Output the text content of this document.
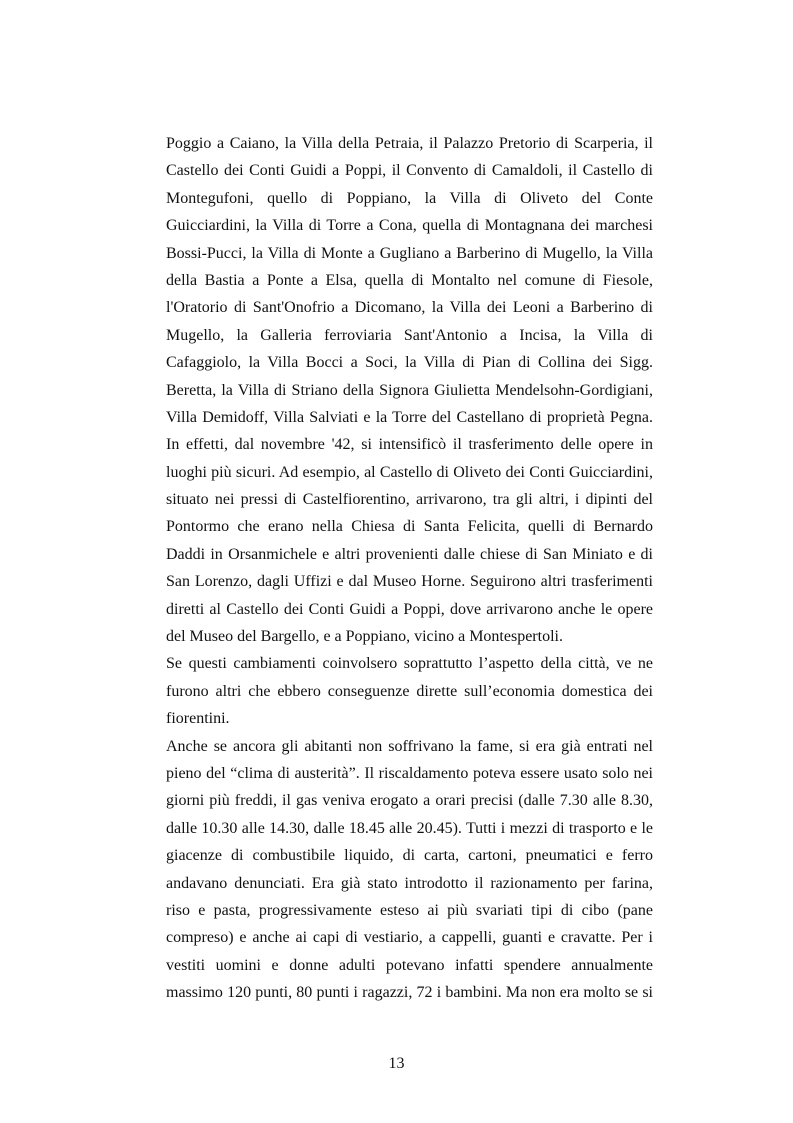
Poggio a Caiano, la Villa della Petraia, il Palazzo Pretorio di Scarperia, il
Castello dei Conti Guidi a Poppi, il Convento di Camaldoli, il Castello di
Montegufoni, quello di Poppiano, la Villa di Oliveto del Conte
Guicciardini, la Villa di Torre a Cona, quella di Montagnana dei marchesi
Bossi-Pucci, la Villa di Monte a Gugliano a Barberino di Mugello, la Villa
della Bastia a Ponte a Elsa, quella di Montalto nel comune di Fiesole,
l'Oratorio di Sant'Onofrio a Dicomano, la Villa dei Leoni a Barberino di
Mugello, la Galleria ferroviaria Sant'Antonio a Incisa, la Villa di
Cafaggiolo, la Villa Bocci a Soci, la Villa di Pian di Collina dei Sigg.
Beretta, la Villa di Striano della Signora Giulietta Mendelsohn-Gordigiani,
Villa Demidoff, Villa Salviati e la Torre del Castellano di proprietà Pegna.
In effetti, dal novembre '42, si intensificò il trasferimento delle opere in
luoghi più sicuri. Ad esempio, al Castello di Oliveto dei Conti Guicciardini,
situato nei pressi di Castelfiorentino, arrivarono, tra gli altri, i dipinti del
Pontormo che erano nella Chiesa di Santa Felicita, quelli di Bernardo
Daddi in Orsanmichele e altri provenienti dalle chiese di San Miniato e di
San Lorenzo, dagli Uffizi e dal Museo Horne. Seguirono altri trasferimenti
diretti al Castello dei Conti Guidi a Poppi, dove arrivarono anche le opere
del Museo del Bargello, e a Poppiano, vicino a Montespertoli.
Se questi cambiamenti coinvolsero soprattutto l’aspetto della città, ve ne
furono altri che ebbero conseguenze dirette sull’economia domestica dei
fiorentini.
Anche se ancora gli abitanti non soffrivano la fame, si era già entrati nel
pieno del “clima di austerità”. Il riscaldamento poteva essere usato solo nei
giorni più freddi, il gas veniva erogato a orari precisi (dalle 7.30 alle 8.30,
dalle 10.30 alle 14.30, dalle 18.45 alle 20.45). Tutti i mezzi di trasporto e le
giacenze di combustibile liquido, di carta, cartoni, pneumatici e ferro
andavano denunciati. Era già stato introdotto il razionamento per farina,
riso e pasta, progressivamente esteso ai più svariati tipi di cibo (pane
compreso) e anche ai capi di vestiario, a cappelli, guanti e cravatte. Per i
vestiti uomini e donne adulti potevano infatti spendere annualmente
massimo 120 punti, 80 punti i ragazzi, 72 i bambini. Ma non era molto se si
13
